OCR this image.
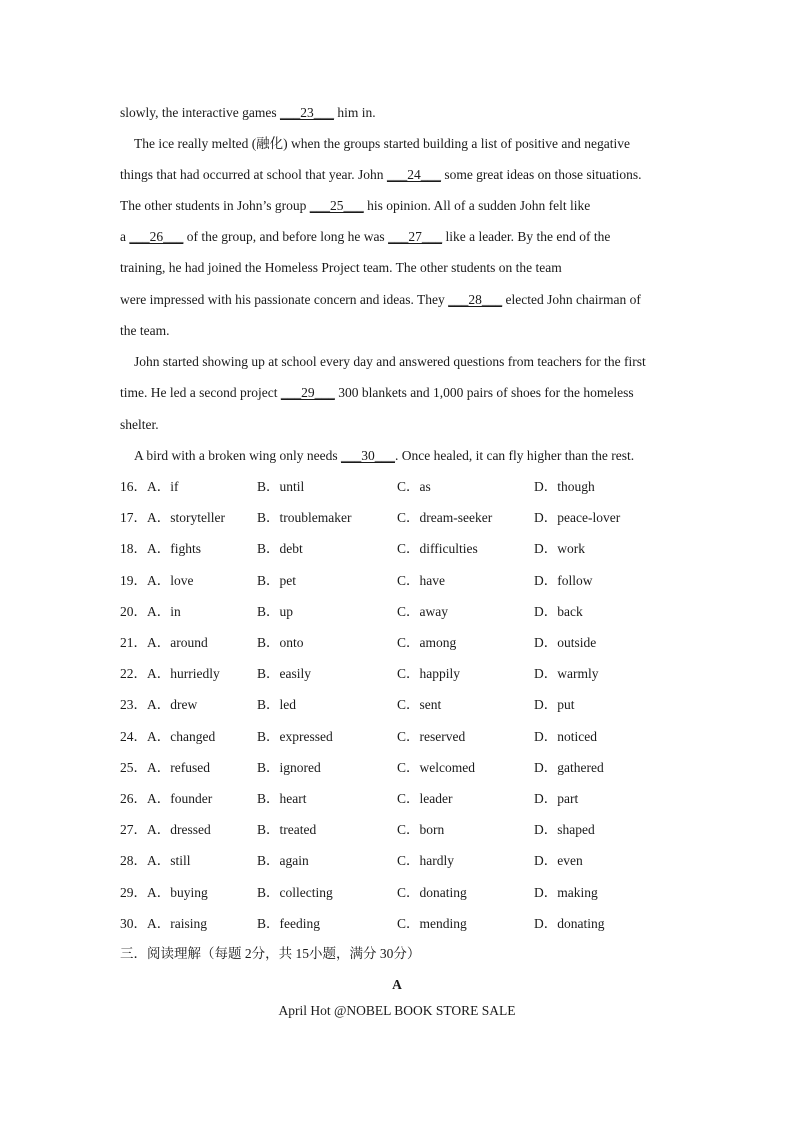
slowly, the interactive games ___23___ him in.
The ice really melted (融化) when the groups started building a list of positive and negative
things that had occurred at school that year. John ___24___ some great ideas on those situations.
The other students in John’s group ___25___ his opinion. All of a sudden John felt like
a ___26___ of the group, and before long he was ___27___ like a leader. By the end of the
training, he had joined the Homeless Project team. The other students on the team
were impressed with his passionate concern and ideas. They ___28___ elected John chairman of
the team.
John started showing up at school every day and answered questions from teachers for the first
time. He led a second project ___29___ 300 blankets and 1,000 pairs of shoes for the homeless
shelter.
A bird with a broken wing only needs ___30___. Once healed, it can fly higher than the rest.
16．A．if	B．until	C．as	D．though
17．A．storyteller B．troublemaker	C．dream-seeker	D．peace-lover
18．A．fights	B．debt	C．difficulties	D．work
19．A．love	B．pet	C．have	D．follow
20．A．in	B．up	C．away	D．back
21．A．around	B．onto	C．among	D．outside
22．A．hurriedly	B．easily	C．happily	D．warmly
23．A．drew	B．led	C．sent	D．put
24．A．changed	B．expressed	C．reserved	D．noticed
25．A．refused	B．ignored	C．welcomed	D．gathered
26．A．founder	B．heart	C．leader	D．part
27．A．dressed	B．treated	C．born	D．shaped
28．A．still	B．again	C．hardly	D．even
29．A．buying	B．collecting	C．donating	D．making
30．A．raising	B．feeding	C．mending	D．donating
三．阅读理解（每题 2分，共 15小题，满分 30分）
A
April Hot @NOBEL BOOK STORE SALE
